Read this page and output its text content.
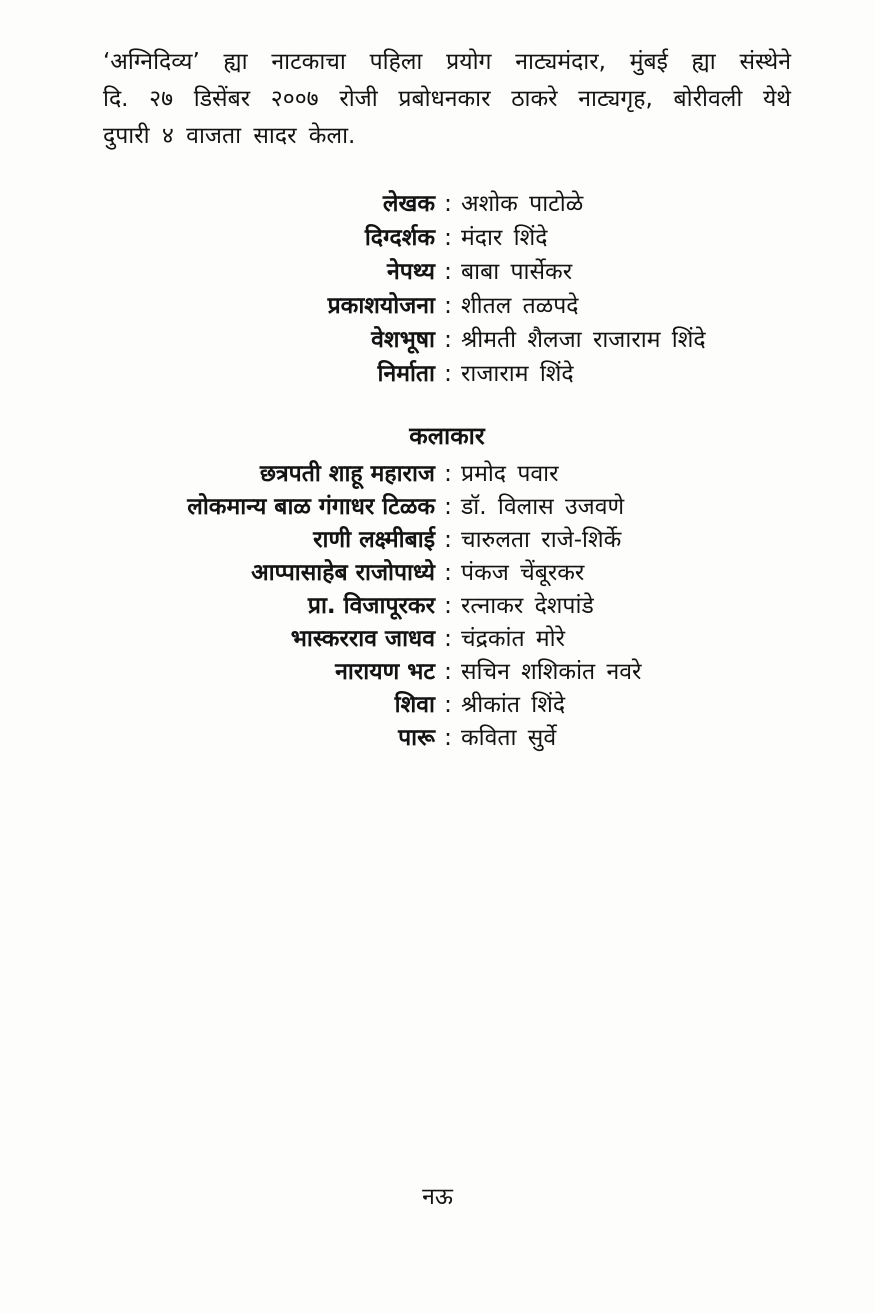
‘अग्निदिव्य’ ह्या नाटकाचा पहिला प्रयोग नाट्यमंदार, मुंबई ह्या संस्थेने
दि. २७ डिसेंबर २००७ रोजी प्रबोधनकार ठाकरे नाट्यगृह, बोरीवली येथे
दुपारी ४ वाजता सादर केला.
लेखक : अशोक पाटोळे
दिग्दर्शक : मंदार शिंदे
नेपथ्य : बाबा पार्सेकर
प्रकाशयोजना : शीतल तळपदे
वेशभूषा : श्रीमती शैलजा राजाराम शिंदे
निर्माता : राजाराम शिंदे
कलाकार
छत्रपती शाहू महाराज : प्रमोद पवार
लोकमान्य बाळ गंगाधर टिळक : डॉ. विलास उजवणे
राणी लक्ष्मीबाई : चारुलता राजे-शिर्के
आप्पासाहेब राजोपाध्ये : पंकज चेंबूरकर
प्रा. विजापूरकर : रत्नाकर देशपांडे
भास्करराव जाधव : चंद्रकांत मोरे
नारायण भट : सचिन शशिकांत नवरे
शिवा : श्रीकांत शिंदे
पारू : कविता सुर्वे
नऊ
